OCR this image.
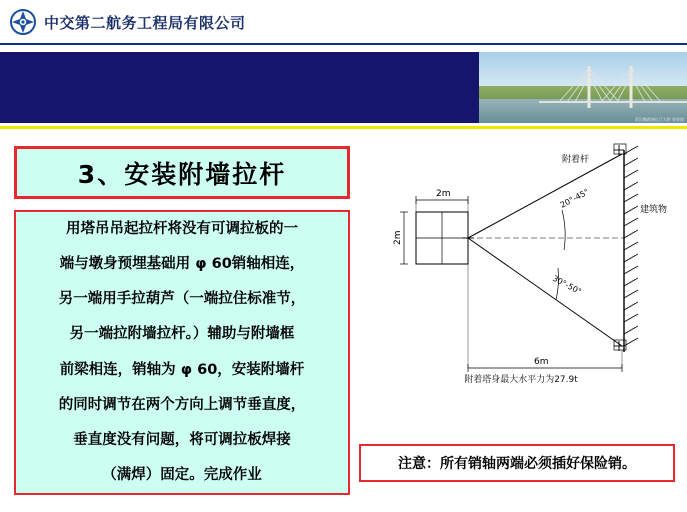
中交第二航务工程局有限公司
武汉鹦鹉洲长江大桥 效果图
3、安装附墙拉杆
用塔吊吊起拉杆将没有可调拉板的一
端与墩身预埋基础用 φ 60销轴相连，
另一端用手拉葫芦（一端拉住标准节，
另一端拉附墙拉杆。）辅助与附墙框
前梁相连，销轴为 φ 60，安装附墙杆
的同时调节在两个方向上调节垂直度，
垂直度没有问题，将可调拉板焊接
（满焊）固定。完成作业
2m
2m
附着杆
建筑物
20°-45°
30°-50°
6m
附着塔身最大水平力为27.9t
注意：所有销轴两端必须插好保险销。
